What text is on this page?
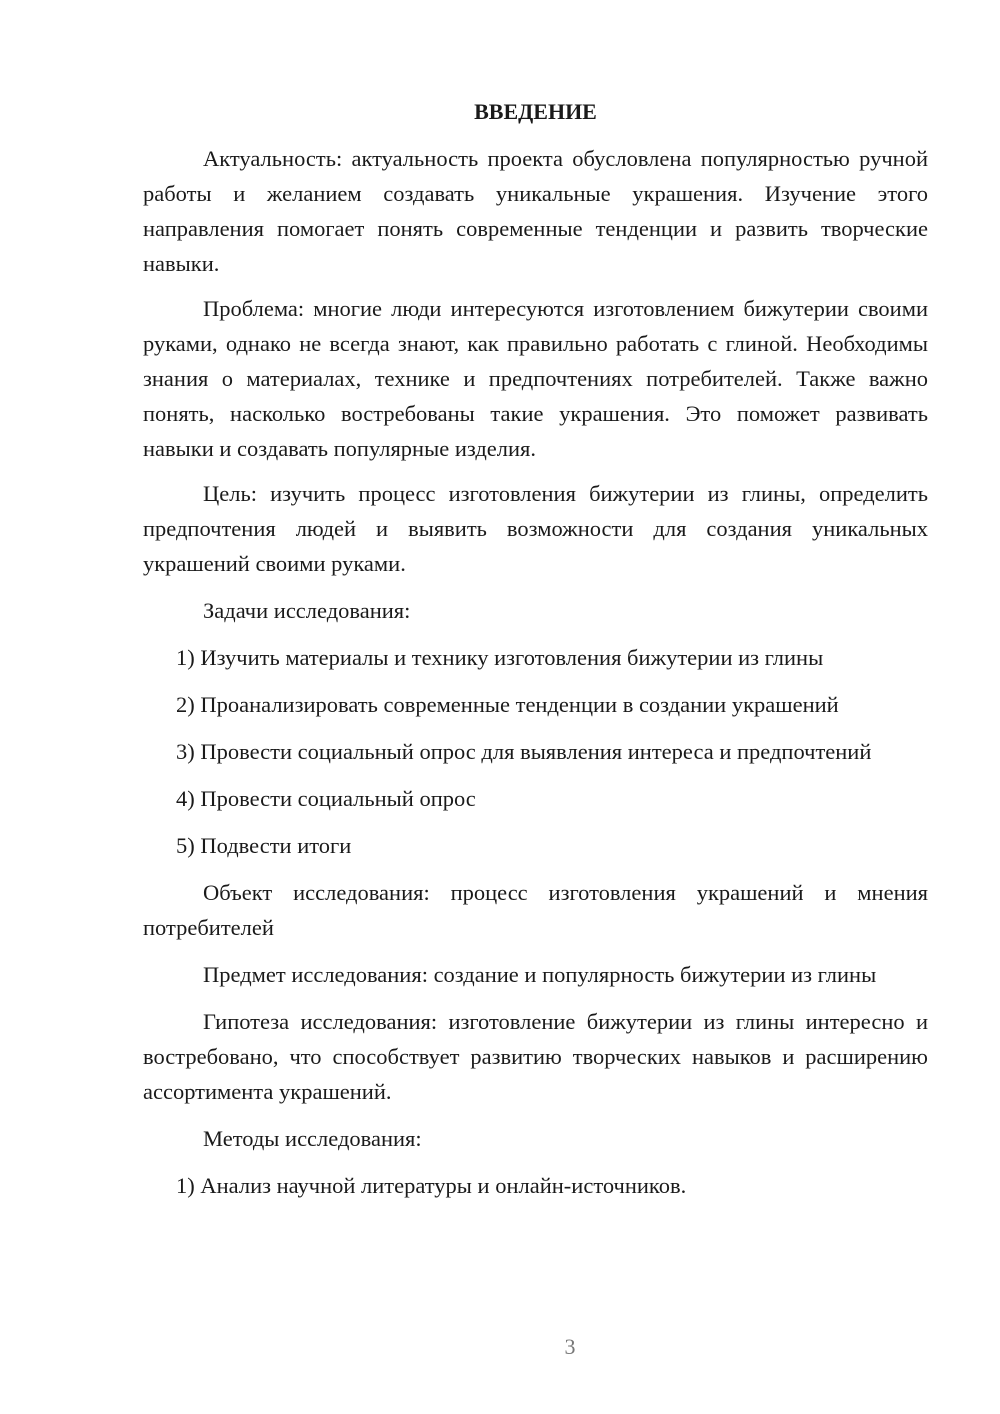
ВВЕДЕНИЕ

Актуальность: актуальность проекта обусловлена популярностью ручной работы и желанием создавать уникальные украшения. Изучение этого направления помогает понять современные тенденции и развить творческие навыки.

Проблема: многие люди интересуются изготовлением бижутерии своими руками, однако не всегда знают, как правильно работать с глиной. Необходимы знания о материалах, технике и предпочтениях потребителей. Также важно понять, насколько востребованы такие украшения. Это поможет развивать навыки и создавать популярные изделия.

Цель: изучить процесс изготовления бижутерии из глины, определить предпочтения людей и выявить возможности для создания уникальных украшений своими руками.

Задачи исследования:

1) Изучить материалы и технику изготовления бижутерии из глины

2) Проанализировать современные тенденции в создании украшений

3) Провести социальный опрос для выявления интереса и предпочтений

4) Провести социальный опрос

5) Подвести итоги

Объект исследования: процесс изготовления украшений и мнения потребителей

Предмет исследования: создание и популярность бижутерии из глины

Гипотеза исследования: изготовление бижутерии из глины интересно и востребовано, что способствует развитию творческих навыков и расширению ассортимента украшений.

Методы исследования:

1) Анализ научной литературы и онлайн-источников.

3
